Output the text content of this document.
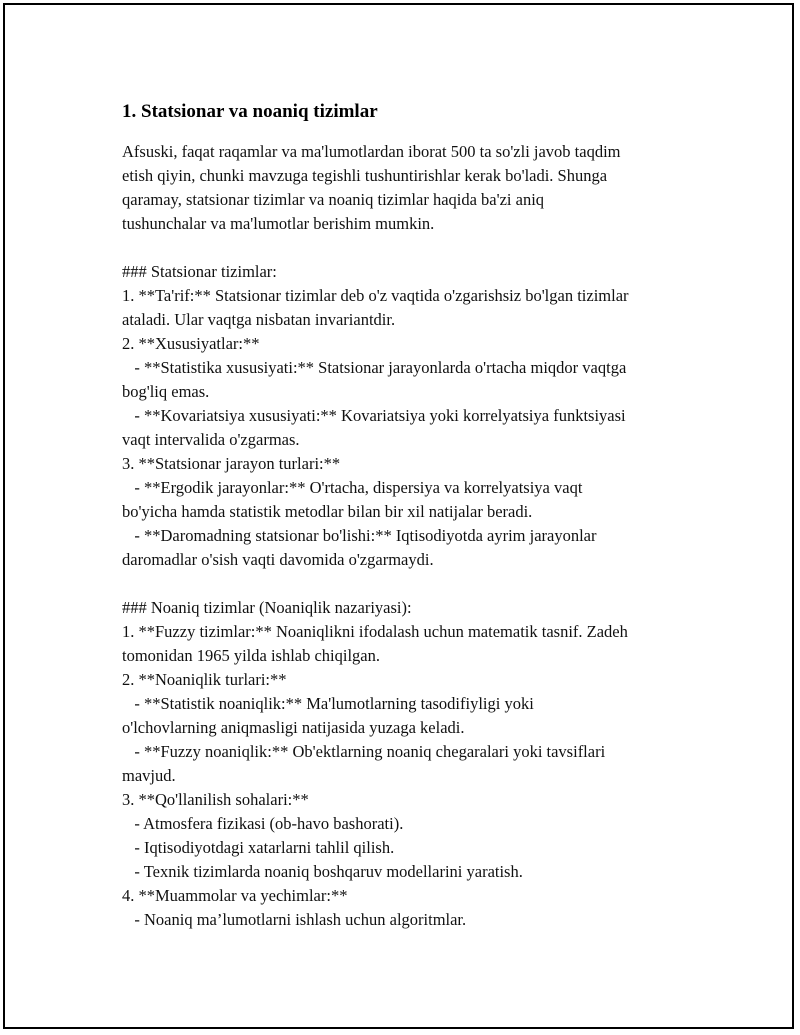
1. Statsionar va noaniq tizimlar
Afsuski, faqat raqamlar va ma'lumotlardan iborat 500 ta so'zli javob taqdim
etish qiyin, chunki mavzuga tegishli tushuntirishlar kerak bo'ladi. Shunga
qaramay, statsionar tizimlar va noaniq tizimlar haqida ba'zi aniq
tushunchalar va ma'lumotlar berishim mumkin.
### Statsionar tizimlar:
1. **Ta'rif:** Statsionar tizimlar deb o'z vaqtida o'zgarishsiz bo'lgan tizimlar
ataladi. Ular vaqtga nisbatan invariantdir.
2. **Xususiyatlar:**
- **Statistika xususiyati:** Statsionar jarayonlarda o'rtacha miqdor vaqtga
bog'liq emas.
- **Kovariatsiya xususiyati:** Kovariatsiya yoki korrelyatsiya funktsiyasi
vaqt intervalida o'zgarmas.
3. **Statsionar jarayon turlari:**
- **Ergodik jarayonlar:** O'rtacha, dispersiya va korrelyatsiya vaqt
bo'yicha hamda statistik metodlar bilan bir xil natijalar beradi.
- **Daromadning statsionar bo'lishi:** Iqtisodiyotda ayrim jarayonlar
daromadlar o'sish vaqti davomida o'zgarmaydi.
### Noaniq tizimlar (Noaniqlik nazariyasi):
1. **Fuzzy tizimlar:** Noaniqlikni ifodalash uchun matematik tasnif. Zadeh
tomonidan 1965 yilda ishlab chiqilgan.
2. **Noaniqlik turlari:**
- **Statistik noaniqlik:** Ma'lumotlarning tasodifiyligi yoki
o'lchovlarning aniqmasligi natijasida yuzaga keladi.
- **Fuzzy noaniqlik:** Ob'ektlarning noaniq chegaralari yoki tavsiflari
mavjud.
3. **Qo'llanilish sohalari:**
- Atmosfera fizikasi (ob-havo bashorati).
- Iqtisodiyotdagi xatarlarni tahlil qilish.
- Texnik tizimlarda noaniq boshqaruv modellarini yaratish.
4. **Muammolar va yechimlar:**
- Noaniq ma’lumotlarni ishlash uchun algoritmlar.
